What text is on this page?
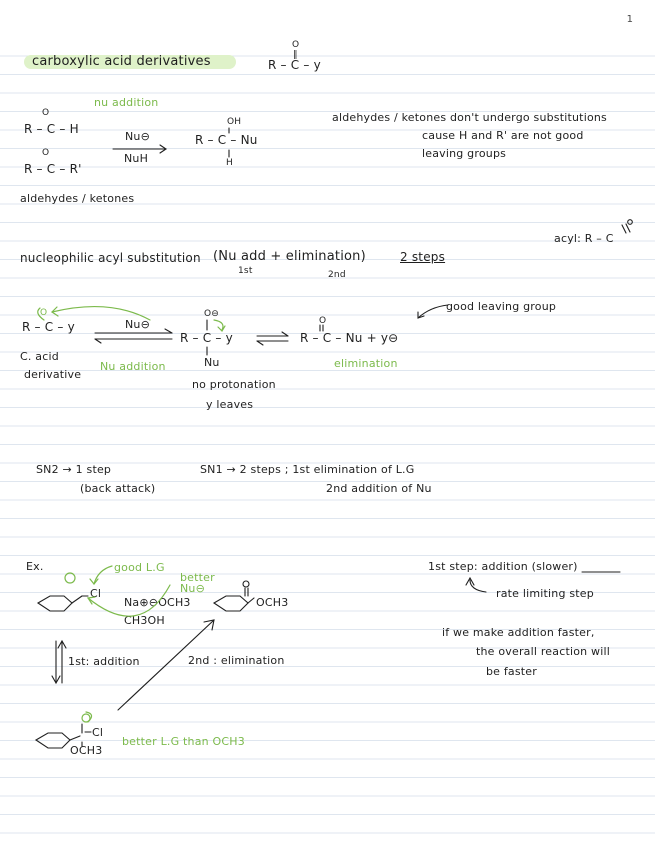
1
carboxylic acid derivatives
O
‖
R – C – y
nu addition
O
R – C – H
O
R – C – R'
Nu⊖
NuH
OH
R – C – Nu
H
aldehydes / ketones
aldehydes / ketones don't undergo substitutions
cause H and R' are not good
leaving groups
acyl: R – C
nucleophilic acyl substitution (Nu add + elimination)	2 steps
1st	2nd
O
R – C – y
C. acid
derivative
Nu⊖
Nu addition
O⊖
R – C – y
Nu
no protonation
y leaves
O
R – C – Nu + y⊖
good leaving group
elimination
SN2 → 1 step
(back attack)
SN1 → 2 steps ; 1st elimination of L.G
2nd addition of Nu
Ex.	good L.G
better Nu⊖
Cl
Na⊕⊖OCH3
CH3OH
OCH3
1st: addition	2nd : elimination
Cl
OCH3
better L.G than OCH3
1st step: addition (slower)
rate limiting step
if we make addition faster,
the overall reaction will
be faster
